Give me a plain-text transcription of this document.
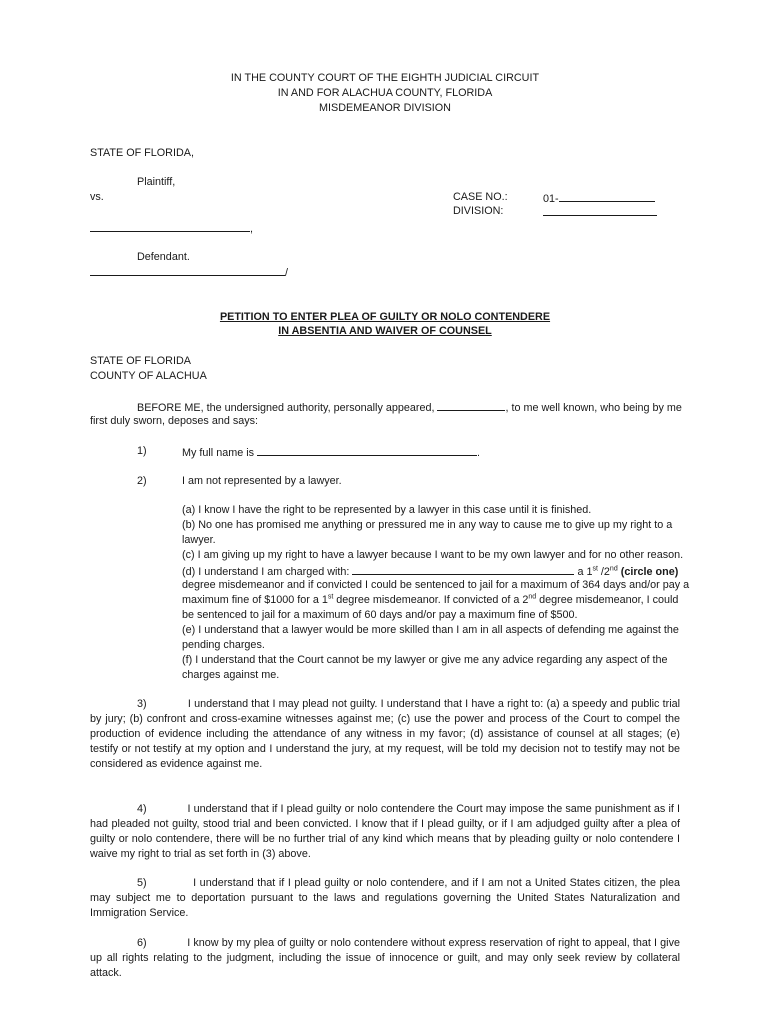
IN THE COUNTY COURT OF THE EIGHTH JUDICIAL CIRCUIT
IN AND FOR ALACHUA COUNTY, FLORIDA
MISDEMEANOR DIVISION
STATE OF FLORIDA,
Plaintiff,
vs.	CASE NO.:	01-
DIVISION:
,
Defendant.
/
PETITION TO ENTER PLEA OF GUILTY OR NOLO CONTENDERE
IN ABSENTIA AND WAIVER OF COUNSEL
STATE OF FLORIDA
COUNTY OF ALACHUA
BEFORE ME, the undersigned authority, personally appeared,	, to me well known, who being by me
first duly sworn, deposes and says:
1)	My full name is	.
2)	I am not represented by a lawyer.
(a) I know I have the right to be represented by a lawyer in this case until it is finished.
(b) No one has promised me anything or pressured me in any way to cause me to give up my right to a
lawyer.
(c) I am giving up my right to have a lawyer because I want to be my own lawyer and for no other reason.
(d) I understand I am charged with:	a 1st /2nd (circle one)
degree misdemeanor and if convicted I could be sentenced to jail for a maximum of 364 days and/or pay a
maximum fine of $1000 for a 1st degree misdemeanor. If convicted of a 2nd degree misdemeanor, I could
be sentenced to jail for a maximum of 60 days and/or pay a maximum fine of $500.
(e) I understand that a lawyer would be more skilled than I am in all aspects of defending me against the
pending charges.
(f) I understand that the Court cannot be my lawyer or give me any advice regarding any aspect of the
charges against me.
3)	I understand that I may plead not guilty. I understand that I have a right to: (a) a speedy and public trial by jury; (b) confront and cross-examine witnesses against me; (c) use the power and process of the Court to compel the production of evidence including the attendance of any witness in my favor; (d) assistance of counsel at all stages; (e) testify or not testify at my option and I understand the jury, at my request, will be told my decision not to testify may not be considered as evidence against me.
4)	I understand that if I plead guilty or nolo contendere the Court may impose the same punishment as if I had pleaded not guilty, stood trial and been convicted. I know that if I plead guilty, or if I am adjudged guilty after a plea of guilty or nolo contendere, there will be no further trial of any kind which means that by pleading guilty or nolo contendere I waive my right to trial as set forth in (3) above.
5)	I understand that if I plead guilty or nolo contendere, and if I am not a United States citizen, the plea may subject me to deportation pursuant to the laws and regulations governing the United States Naturalization and Immigration Service.
6)	I know by my plea of guilty or nolo contendere without express reservation of right to appeal, that I give up all rights relating to the judgment, including the issue of innocence or guilt, and may only seek review by collateral attack.
